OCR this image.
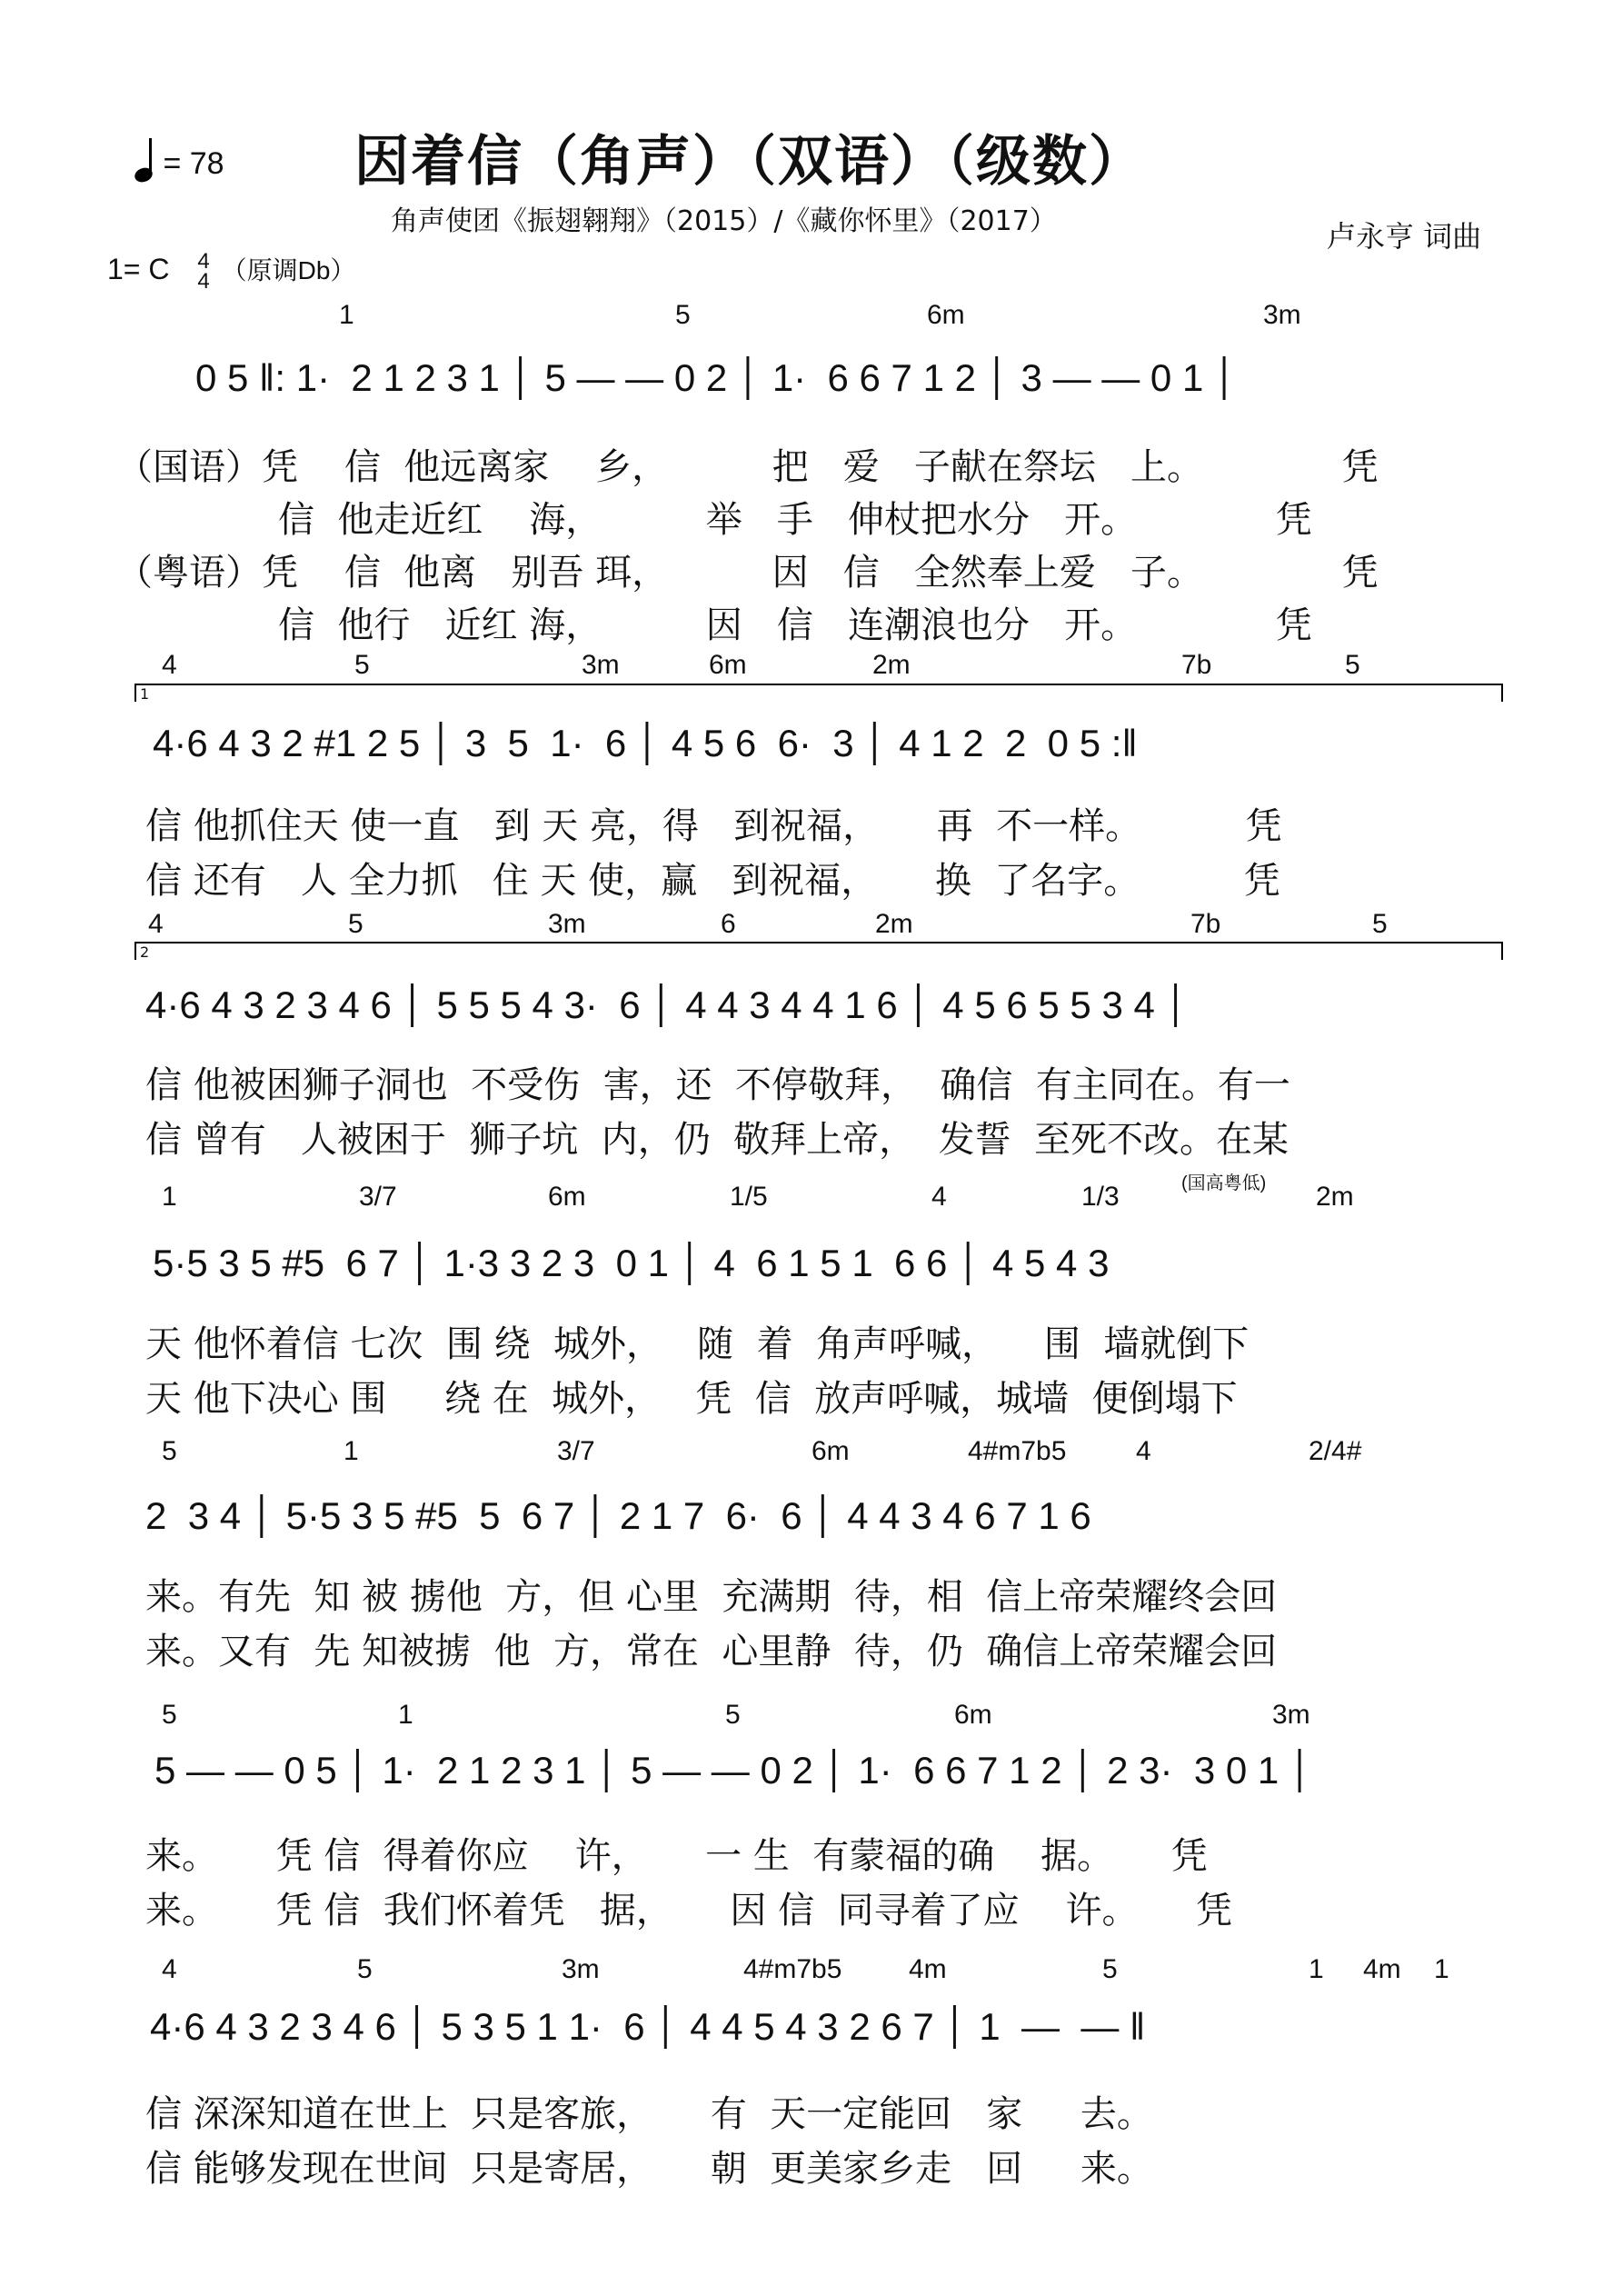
= 78 因着信（角声）（双语）（级数）
角声使团《振翅翱翔》（2015）/《藏你怀里》（2017）	卢永亨 词曲
1= C 4
4 （原调Db）
1	5	6m	3m
0 5 ‖: 1·  2 1 2 3 1 │ 5 — — 0 2 │ 1·  6 6 7 1 2 │ 3 — — 0 1 │
（国语）凭    信  他远离家    乡，         把   爱   子献在祭坛   上。            凭
信  他走近红    海，         举   手   伸杖把水分   开。            凭
（粤语）凭    信  他离   别吾 珥，         因   信   全然奉上爱   子。            凭
信  他行   近红 海，         因   信   连潮浪也分   开。            凭
1
4	5	3m	6m	2m	7b	5
4·6 4 3 2 #1 2 5 │ 3  5  1·  6 │ 4 5 6  6·  3 │ 4 1 2  2  0 5 :‖
信 他抓住天 使一直   到 天 亮，得   到祝福，     再  不一样。         凭
信 还有   人 全力抓   住 天 使，赢   到祝福，     换  了名字。         凭
2
4	5	3m	6	2m	7b	5
4·6 4 3 2 3 4 6 │ 5 5 5 4 3·  6 │ 4 4 3 4 4 1 6 │ 4 5 6 5 5 3 4 │
信 他被困狮子洞也  不受伤  害，还  不停敬拜，  确信  有主同在。有一
信 曾有   人被困于  狮子坑  内，仍  敬拜上帝，  发誓  至死不改。在某
1	3/7	6m	1/5	4	1/3	2m
(国高粤低)
5·5 3 5 #5  6 7 │ 1·3 3 2 3  0 1 │ 4  6 1 5 1  6 6 │ 4 5 4 3
天 他怀着信 七次  围 绕  城外，   随  着  角声呼喊，    围  墙就倒下
天 他下决心 围     绕 在  城外，   凭  信  放声呼喊，城墙  便倒塌下
5	1	3/7	6m	4#m7b5	4	2/4#
2  3 4 │ 5·5 3 5 #5  5  6 7 │ 2 1 7  6·  6 │ 4 4 3 4 6 7 1 6
来。有先  知 被 掳他  方，但 心里  充满期  待，相  信上帝荣耀终会回
来。又有  先 知被掳  他  方，常在  心里静  待，仍  确信上帝荣耀会回
5	1	5	6m	3m
5 — — 0 5 │ 1·  2 1 2 3 1 │ 5 — — 0 2 │ 1·  6 6 7 1 2 │ 2 3·  3 0 1 │
来。     凭 信  得着你应    许，     一 生  有蒙福的确    据。     凭
来。     凭 信  我们怀着凭   据，     因 信  同寻着了应    许。     凭
4	5	3m	4#m7b5 4m	5	1 4m 1
4·6 4 3 2 3 4 6 │ 5 3 5 1 1·  6 │ 4 4 5 4 3 2 6 7 │ 1  —  — ‖
信 深深知道在世上  只是客旅，     有  天一定能回   家     去。
信 能够发现在世间  只是寄居，     朝  更美家乡走   回     来。
